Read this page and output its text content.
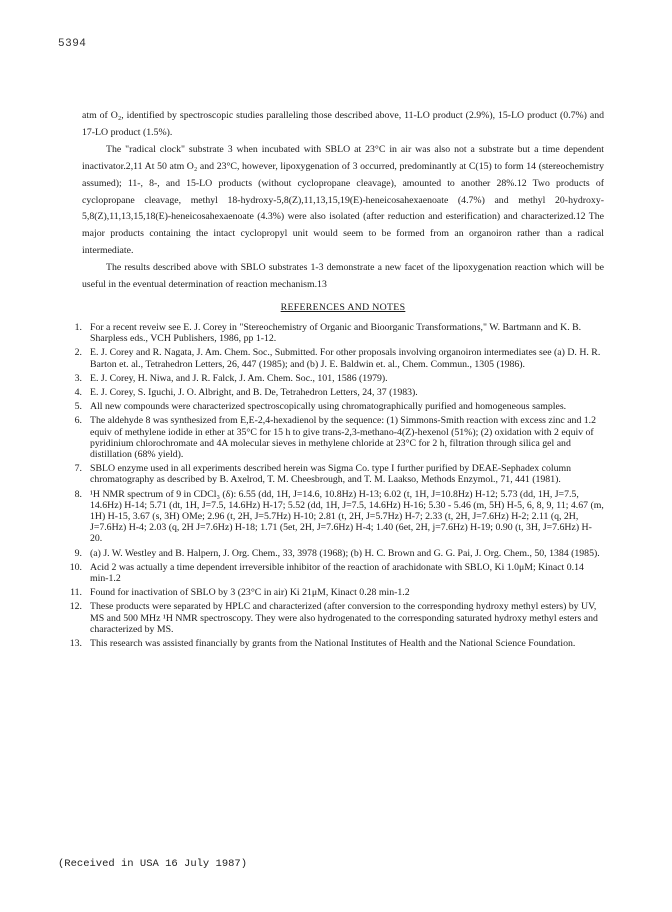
5394

atm of O₂, identified by spectroscopic studies paralleling those described above, 11-LO product (2.9%), 15-LO product (0.7%) and 17-LO product (1.5%).

The "radical clock" substrate 3 when incubated with SBLO at 23°C in air was also not a substrate but a time dependent inactivator.2,11 At 50 atm O₂ and 23°C, however, lipoxygenation of 3 occurred, predominantly at C(15) to form 14 (stereochemistry assumed); 11-, 8-, and 15-LO products (without cyclopropane cleavage), amounted to another 28%.12 Two products of cyclopropane cleavage, methyl 18-hydroxy-5,8(Z),11,13,15,19(E)-heneicosahexaenoate (4.7%) and methyl 20-hydroxy-5,8(Z),11,13,15,18(E)-heneicosahexaenoate (4.3%) were also isolated (after reduction and esterification) and characterized.12 The major products containing the intact cyclopropyl unit would seem to be formed from an organoiron rather than a radical intermediate.

The results described above with SBLO substrates 1-3 demonstrate a new facet of the lipoxygenation reaction which will be useful in the eventual determination of reaction mechanism.13

REFERENCES AND NOTES
1. For a recent reveiw see E. J. Corey in "Stereochemistry of Organic and Bioorganic Transformations," W. Bartmann and K. B. Sharpless eds., VCH Publishers, 1986, pp 1-12.
2. E. J. Corey and R. Nagata, J. Am. Chem. Soc., Submitted. For other proposals involving organoiron intermediates see (a) D. H. R. Barton et. al., Tetrahedron Letters, 26, 447 (1985); and (b) J. E. Baldwin et. al., Chem. Commun., 1305 (1986).
3. E. J. Corey, H. Niwa, and J. R. Falck, J. Am. Chem. Soc., 101, 1586 (1979).
4. E. J. Corey, S. Iguchi, J. O. Albright, and B. De, Tetrahedron Letters, 24, 37 (1983).
5. All new compounds were characterized spectroscopically using chromatographically purified and homogeneous samples.
6. The aldehyde 8 was synthesized from E,E-2,4-hexadienol by the sequence: (1) Simmons-Smith reaction with excess zinc and 1.2 equiv of methylene iodide in ether at 35°C for 15 h to give trans-2,3-methano-4(Z)-hexenol (51%); (2) oxidation with 2 equiv of pyridinium chlorochromate and 4A molecular sieves in methylene chloride at 23°C for 2 h, filtration through silica gel and distillation (68% yield).
7. SBLO enzyme used in all experiments described herein was Sigma Co. type I further purified by DEAE-Sephadex column chromatography as described by B. Axelrod, T. M. Cheesbrough, and T. M. Laakso, Methods Enzymol., 71, 441 (1981).
8. ¹H NMR spectrum of 9 in CDCl₃ (δ): 6.55 (dd, 1H, J=14.6, 10.8Hz) H-13; 6.02 (t, 1H, J=10.8Hz) H-12; 5.73 (dd, 1H, J=7.5, 14.6Hz) H-14; 5.71 (dt, 1H, J=7.5, 14.6Hz) H-17; 5.52 (dd, 1H, J=7.5, 14.6Hz) H-16; 5.30 - 5.46 (m, 5H) H-5, 6, 8, 9, 11; 4.67 (m, 1H) H-15, 3.67 (s, 3H) OMe; 2.96 (t, 2H, J=5.7Hz) H-10; 2.81 (t, 2H, J=5.7Hz) H-7; 2.33 (t, 2H, J=7.6Hz) H-2; 2.11 (q, 2H, J=7.6Hz) H-4; 2.03 (q, 2H J=7.6Hz) H-18; 1.71 (5et, 2H, J=7.6Hz) H-4; 1.40 (6et, 2H, j=7.6Hz) H-19; 0.90 (t, 3H, J=7.6Hz) H-20.
9. (a) J. W. Westley and B. Halpern, J. Org. Chem., 33, 3978 (1968); (b) H. C. Brown and G. G. Pai, J. Org. Chem., 50, 1384 (1985).
10. Acid 2 was actually a time dependent irreversible inhibitor of the reaction of arachidonate with SBLO, Ki 1.0μM; Kinact 0.14 min-1.2
11. Found for inactivation of SBLO by 3 (23°C in air) Ki 21μM, Kinact 0.28 min-1.2
12. These products were separated by HPLC and characterized (after conversion to the corresponding hydroxy methyl esters) by UV, MS and 500 MHz ¹H NMR spectroscopy. They were also hydrogenated to the corresponding saturated hydroxy methyl esters and characterized by MS.
13. This research was assisted financially by grants from the National Institutes of Health and the National Science Foundation.
(Received in USA 16 July 1987)
